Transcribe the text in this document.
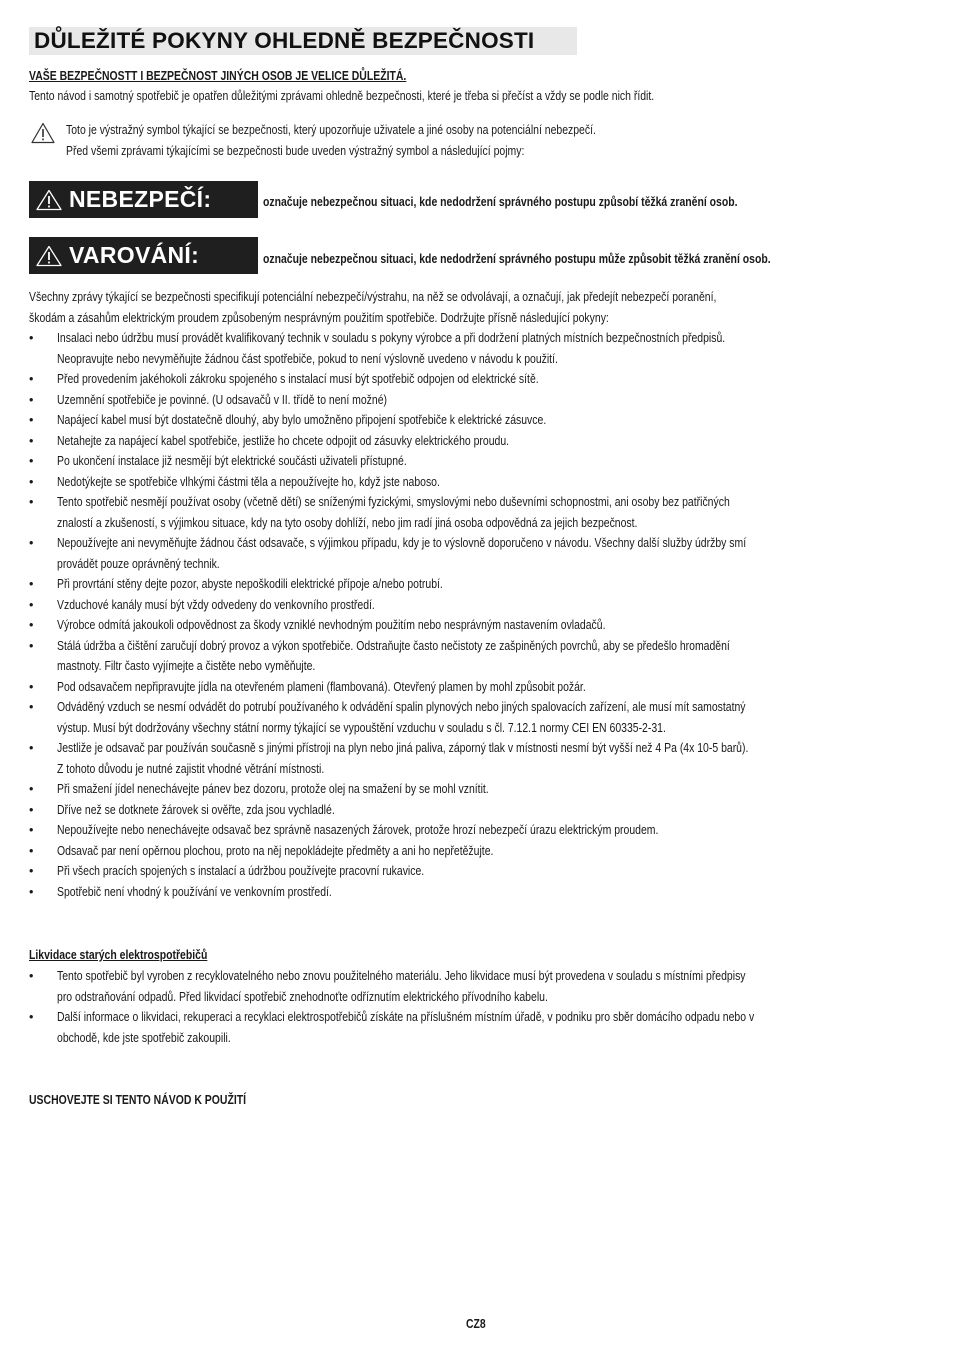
DŮLEŽITÉ POKYNY OHLEDNĚ BEZPEČNOSTI
VAŠE BEZPEČNOSTT I BEZPEČNOST JINÝCH OSOB JE VELICE DŮLEŽITÁ.
Tento návod i samotný spotřebič je opatřen důležitými zprávami ohledně bezpečnosti, které je třeba si přečíst a vždy se podle nich řídit.
Toto je výstražný symbol týkající se bezpečnosti, který upozorňuje uživatele a jiné osoby na potenciální nebezpečí.
Před všemi zprávami týkajícími se bezpečnosti bude uveden výstražný symbol a následující pojmy:
NEBEZPEČÍ:	označuje nebezpečnou situaci, kde nedodržení správného postupu způsobí těžká zranění osob.
VAROVÁNÍ:	označuje nebezpečnou situaci, kde nedodržení správného postupu může způsobit těžká zranění osob.
Všechny zprávy týkající se bezpečnosti specifikují potenciální nebezpečí/výstrahu, na něž se odvolávají, a označují, jak předejít nebezpečí poranění,
škodám a zásahům elektrickým proudem způsobeným nesprávným použitím spotřebiče. Dodržujte přísně následující pokyny:
• Insalaci nebo údržbu musí provádět kvalifikovaný technik v souladu s pokyny výrobce a při dodržení platných místních bezpečnostních předpisů.
Neopravujte nebo nevyměňujte žádnou část spotřebiče, pokud to není výslovně uvedeno v návodu k použití.
• Před provedením jakéhokoli zákroku spojeného s instalací musí být spotřebič odpojen od elektrické sítě.
• Uzemnění spotřebiče je povinné. (U odsavačů v II. třídě to není možné)
• Napájecí kabel musí být dostatečně dlouhý, aby bylo umožněno připojení spotřebiče k elektrické zásuvce.
• Netahejte za napájecí kabel spotřebiče, jestliže ho chcete odpojit od zásuvky elektrického proudu.
• Po ukončení instalace již nesmějí být elektrické součásti uživateli přístupné.
• Nedotýkejte se spotřebiče vlhkými částmi těla a nepoužívejte ho, když jste naboso.
• Tento spotřebič nesmějí používat osoby (včetně dětí) se sníženými fyzickými, smyslovými nebo duševními schopnostmi, ani osoby bez patřičných
znalostí a zkušeností, s výjimkou situace, kdy na tyto osoby dohlíží, nebo jim radí jiná osoba odpovědná za jejich bezpečnost.
• Nepoužívejte ani nevyměňujte žádnou část odsavače, s výjimkou případu, kdy je to výslovně doporučeno v návodu. Všechny další služby údržby smí
provádět pouze oprávněný technik.
• Při provrtání stěny dejte pozor, abyste nepoškodili elektrické přípoje a/nebo potrubí.
• Vzduchové kanály musí být vždy odvedeny do venkovního prostředí.
• Výrobce odmítá jakoukoli odpovědnost za škody vzniklé nevhodným použitím nebo nesprávným nastavením ovladačů.
• Stálá údržba a čištění zaručují dobrý provoz a výkon spotřebiče. Odstraňujte často nečistoty ze zašpiněných povrchů, aby se předešlo hromadění
mastnoty. Filtr často vyjímejte a čistěte nebo vyměňujte.
• Pod odsavačem nepřipravujte jídla na otevřeném plameni (flambovaná). Otevřený plamen by mohl způsobit požár.
• Odváděný vzduch se nesmí odvádět do potrubí používaného k odvádění spalin plynových nebo jiných spalovacích zařízení, ale musí mít samostatný
výstup. Musí být dodržovány všechny státní normy týkající se vypouštění vzduchu v souladu s čl. 7.12.1 normy CEI EN 60335-2-31.
• Jestliže je odsavač par používán současně s jinými přístroji na plyn nebo jiná paliva, záporný tlak v místnosti nesmí být vyšší než 4 Pa (4x 10-5 barů).
Z tohoto důvodu je nutné zajistit vhodné větrání místnosti.
• Při smažení jídel nenechávejte pánev bez dozoru, protože olej na smažení by se mohl vznítit.
• Dříve než se dotknete žárovek si ověřte, zda jsou vychladlé.
• Nepoužívejte nebo nenechávejte odsavač bez správně nasazených žárovek, protože hrozí nebezpečí úrazu elektrickým proudem.
• Odsavač par není opěrnou plochou, proto na něj nepokládejte předměty a ani ho nepřetěžujte.
• Při všech pracích spojených s instalací a údržbou používejte pracovní rukavice.
• Spotřebič není vhodný k používání ve venkovním prostředí.
• Tento spotřebič byl vyroben z recyklovatelného nebo znovu použitelného materiálu. Jeho likvidace musí být provedena v souladu s místními předpisy
pro odstraňování odpadů. Před likvidací spotřebič znehodnoťte odříznutím elektrického přívodního kabelu.
• Další informace o likvidaci, rekuperaci a recyklaci elektrospotřebičů získáte na příslušném místním úřadě, v podniku pro sběr domácího odpadu nebo v
obchodě, kde jste spotřebič zakoupili.
Likvidace starých elektrospotřebičů
USCHOVEJTE SI TENTO NÁVOD K POUŽITÍ
CZ8
